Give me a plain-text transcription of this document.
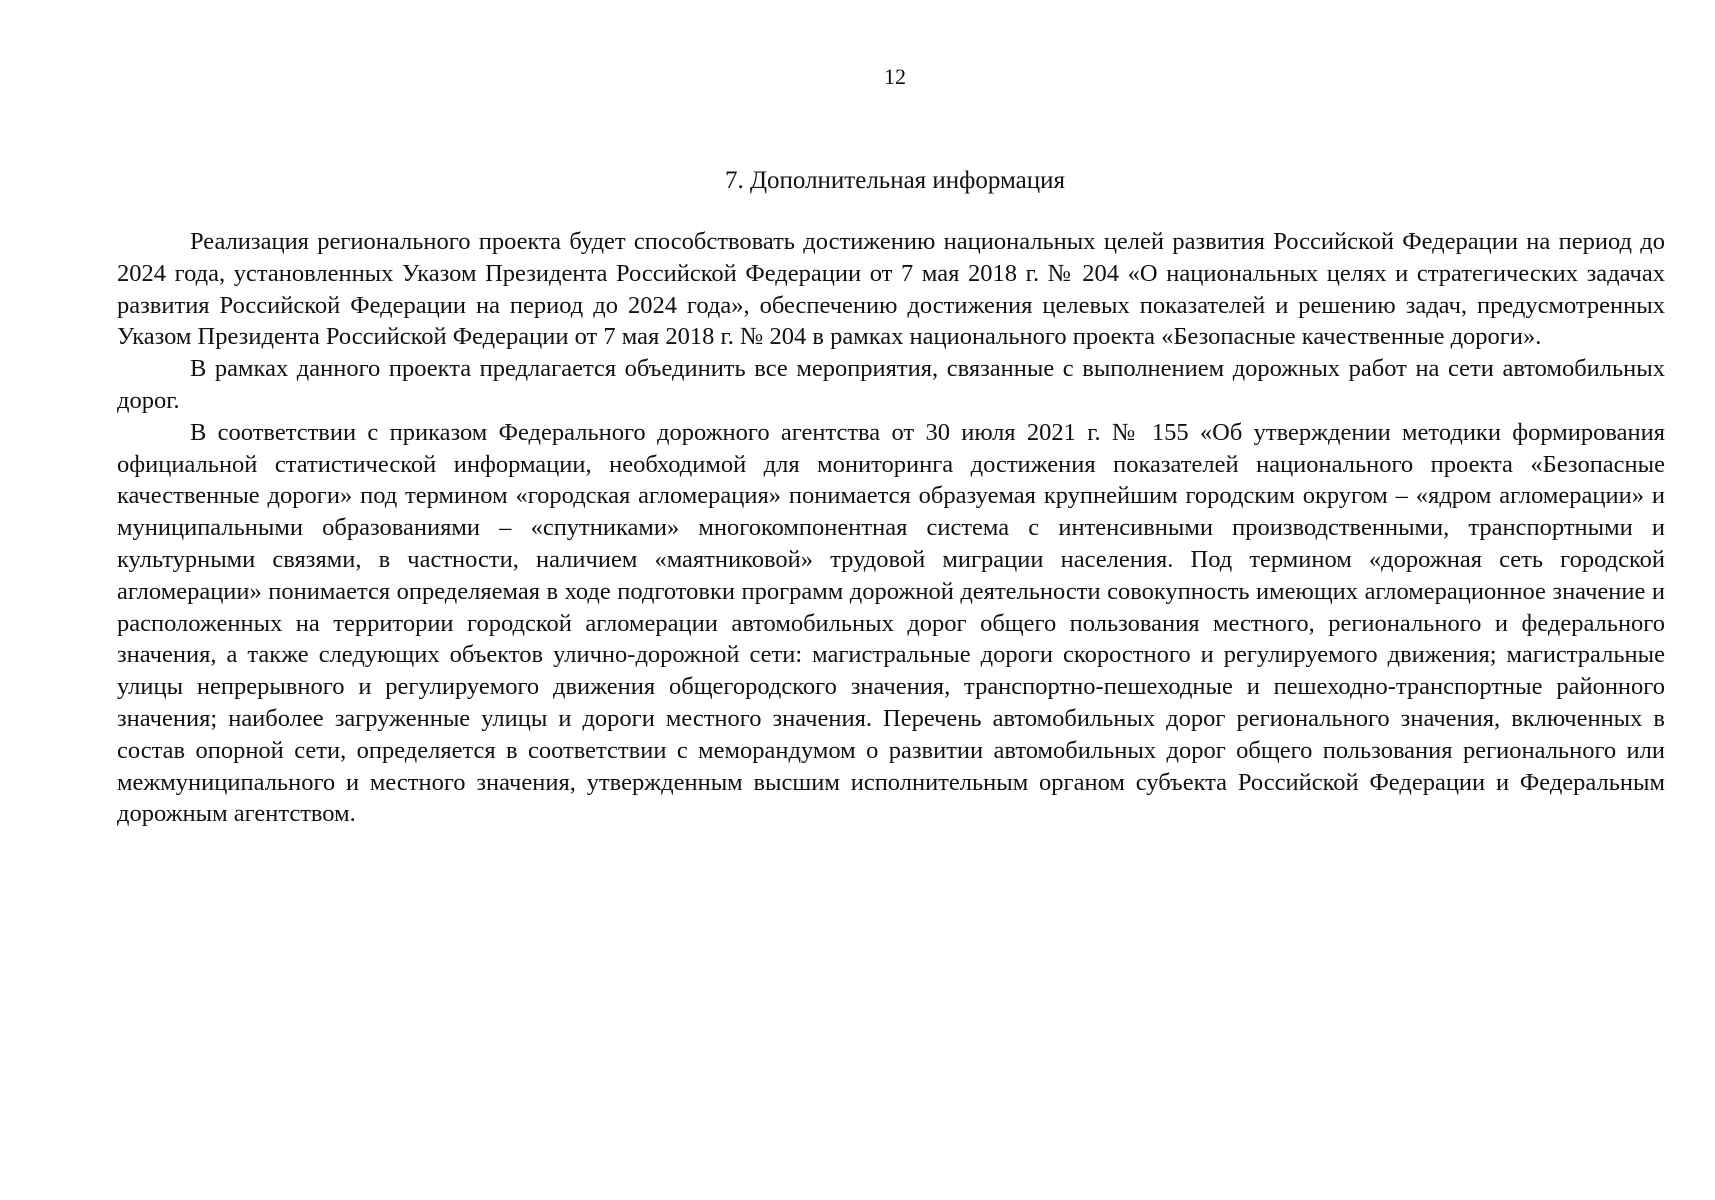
12
7. Дополнительная информация

Реализация регионального проекта будет способствовать достижению национальных целей развития Российской Федерации на период до 2024 года, установленных Указом Президента Российской Федерации от 7 мая 2018 г. № 204 «О национальных целях и стратегических задачах развития Российской Федерации на период до 2024 года», обеспечению достижения целевых показателей и решению задач, предусмотренных Указом Президента Российской Федерации от 7 мая 2018 г. № 204 в рамках национального проекта «Безопасные качественные дороги».

В рамках данного проекта предлагается объединить все мероприятия, связанные с выполнением дорожных работ на сети автомобильных дорог.

В соответствии с приказом Федерального дорожного агентства от 30 июля 2021 г. № 155 «Об утверждении методики формирования официальной статистической информации, необходимой для мониторинга достижения показателей национального проекта «Безопасные качественные дороги» под термином «городская агломерация» понимается образуемая крупнейшим городским округом – «ядром агломерации» и муниципальными образованиями – «спутниками» многокомпонентная система с интенсивными производственными, транспортными и культурными связями, в частности, наличием «маятниковой» трудовой миграции населения. Под термином «дорожная сеть городской агломерации» понимается определяемая в ходе подготовки программ дорожной деятельности совокупность имеющих агломерационное значение и расположенных на территории городской агломерации автомобильных дорог общего пользования местного, регионального и федерального значения, а также следующих объектов улично-дорожной сети: магистральные дороги скоростного и регулируемого движения; магистральные улицы непрерывного и регулируемого движения общегородского значения, транспортно-пешеходные и пешеходно-транспортные районного значения; наиболее загруженные улицы и дороги местного значения. Перечень автомобильных дорог регионального значения, включенных в состав опорной сети, определяется в соответствии с меморандумом о развитии автомобильных дорог общего пользования регионального или межмуниципального и местного значения, утвержденным высшим исполнительным органом субъекта Российской Федерации и Федеральным дорожным агентством.
